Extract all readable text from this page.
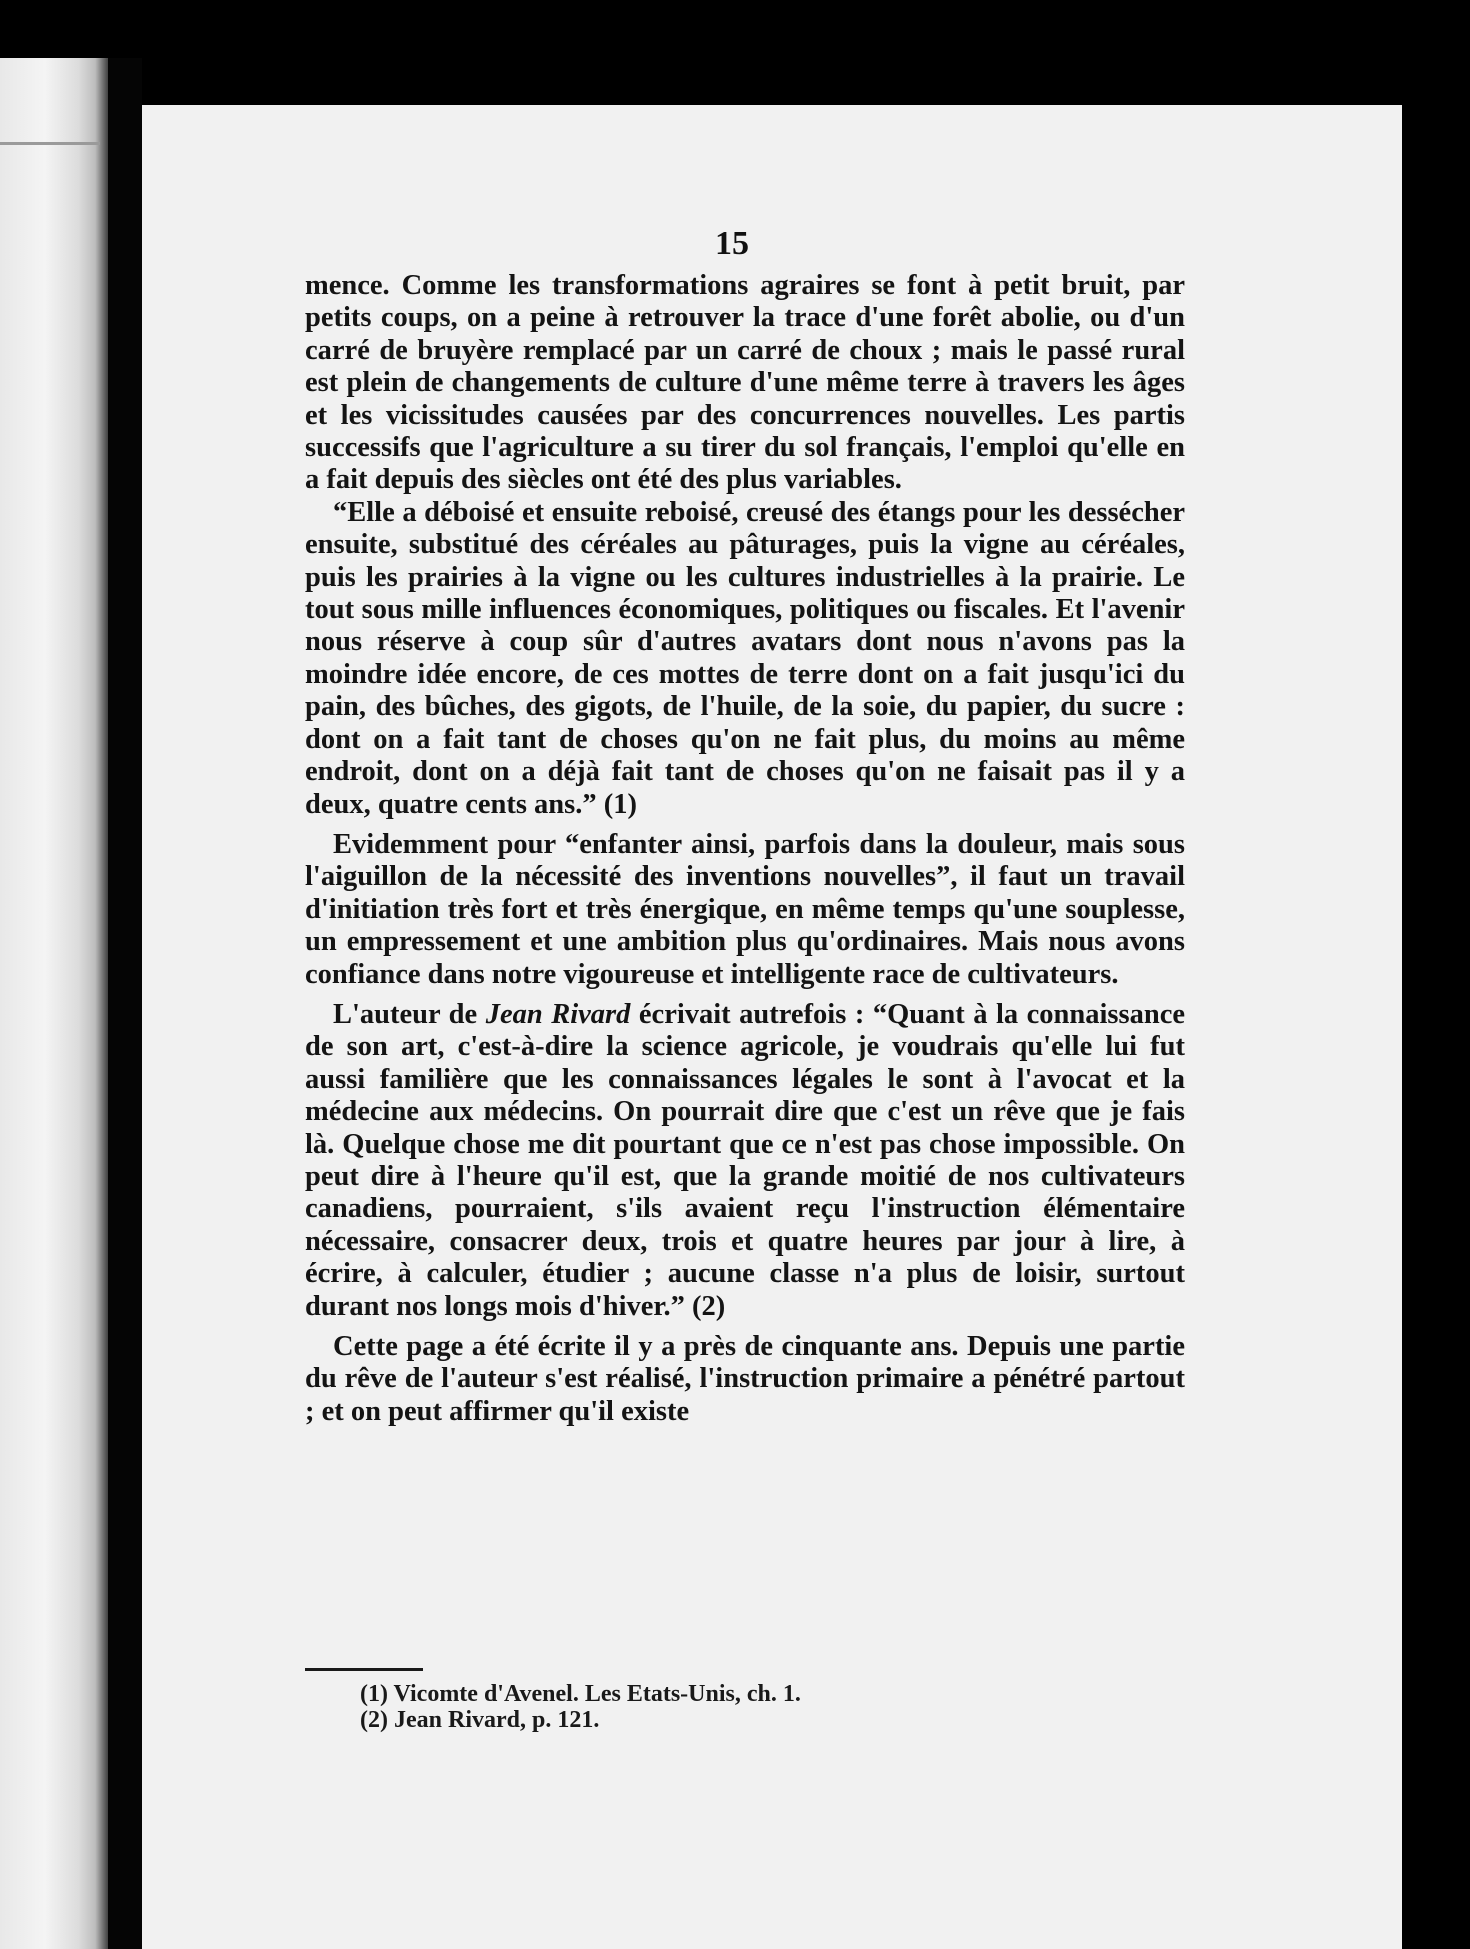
15

mence. Comme les transformations agraires se font à petit bruit, par petits coups, on a peine à retrouver la trace d'une forêt abolie, ou d'un carré de bruyère remplacé par un carré de choux ; mais le passé rural est plein de changements de culture d'une même terre à travers les âges et les vicissitudes causées par des concurrences nouvelles. Les partis successifs que l'agriculture a su tirer du sol français, l'emploi qu'elle en a fait depuis des siècles ont été des plus variables.

“Elle a déboisé et ensuite reboisé, creusé des étangs pour les dessécher ensuite, substitué des céréales au pâturages, puis la vigne au céréales, puis les prairies à la vigne ou les cultures industrielles à la prairie. Le tout sous mille influences économiques, politiques ou fiscales. Et l'avenir nous réserve à coup sûr d'autres avatars dont nous n'avons pas la moindre idée encore, de ces mottes de terre dont on a fait jusqu'ici du pain, des bûches, des gigots, de l'huile, de la soie, du papier, du sucre : dont on a fait tant de choses qu'on ne fait plus, du moins au même endroit, dont on a déjà fait tant de choses qu'on ne faisait pas il y a deux, quatre cents ans.” (1)

Evidemment pour “enfanter ainsi, parfois dans la douleur, mais sous l'aiguillon de la nécessité des inventions nouvelles”, il faut un travail d'initiation très fort et très énergique, en même temps qu'une souplesse, un empressement et une ambition plus qu'ordinaires. Mais nous avons confiance dans notre vigoureuse et intelligente race de cultivateurs.

L'auteur de Jean Rivard écrivait autrefois : “Quant à la connaissance de son art, c'est-à-dire la science agricole, je voudrais qu'elle lui fut aussi familière que les connaissances légales le sont à l'avocat et la médecine aux médecins. On pourrait dire que c'est un rêve que je fais là. Quelque chose me dit pourtant que ce n'est pas chose impossible. On peut dire à l'heure qu'il est, que la grande moitié de nos cultivateurs canadiens, pourraient, s'ils avaient reçu l'instruction élémentaire nécessaire, consacrer deux, trois et quatre heures par jour à lire, à écrire, à calculer, étudier ; aucune classe n'a plus de loisir, surtout durant nos longs mois d'hiver.” (2)

Cette page a été écrite il y a près de cinquante ans. Depuis une partie du rêve de l'auteur s'est réalisé, l'instruction primaire a pénétré partout ; et on peut affirmer qu'il existe

(1) Vicomte d'Avenel. Les Etats-Unis, ch. 1.
(2) Jean Rivard, p. 121.
